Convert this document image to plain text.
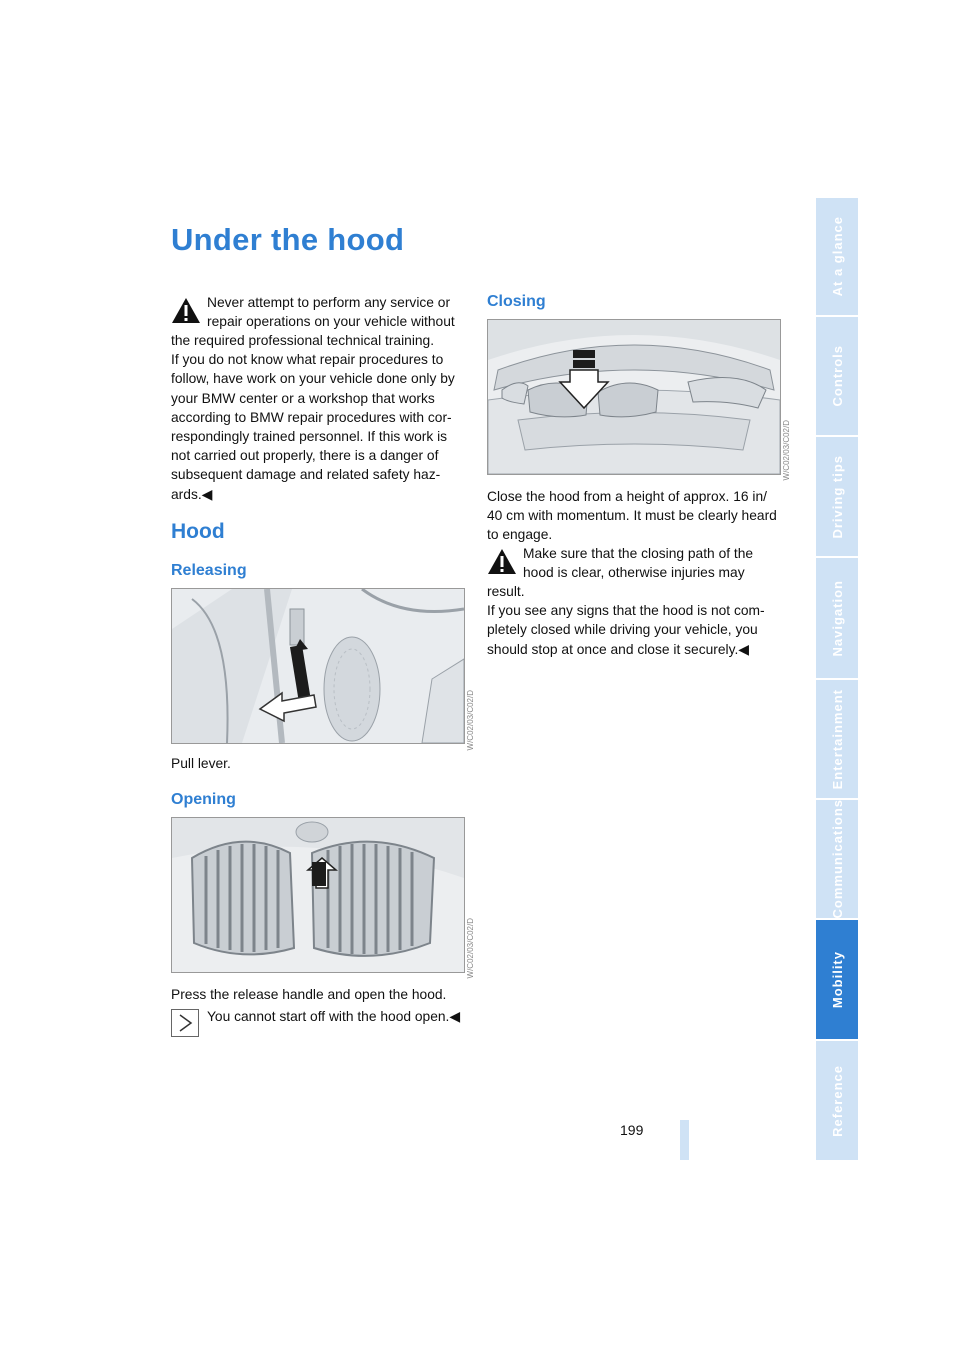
Under the hood

Never attempt to perform any service or

repair operations on your vehicle without

the required professional technical training.

If you do not know what repair procedures to

follow, have work on your vehicle done only by

your BMW center or a workshop that works

according to BMW repair procedures with cor-

respondingly trained personnel. If this work is

not carried out properly, there is a danger of

subsequent damage and related safety haz-

ards.◀

Hood
Releasing
W/C02/03/C02/D
Pull lever.
Opening
W/C02/03/C02/D
Press the release handle and open the hood.
You cannot start off with the hood open.◀
Closing
W/C02/03/C02/D

Close the hood from a height of approx. 16 in/

40 cm with momentum. It must be clearly heard

to engage.

Make sure that the closing path of the

hood is clear, otherwise injuries may

result.

If you see any signs that the hood is not com-

pletely closed while driving your vehicle, you

should stop at once and close it securely.◀

199
At a glance
Controls
Driving tips
Navigation
Entertainment
Communications
Mobility
Reference
